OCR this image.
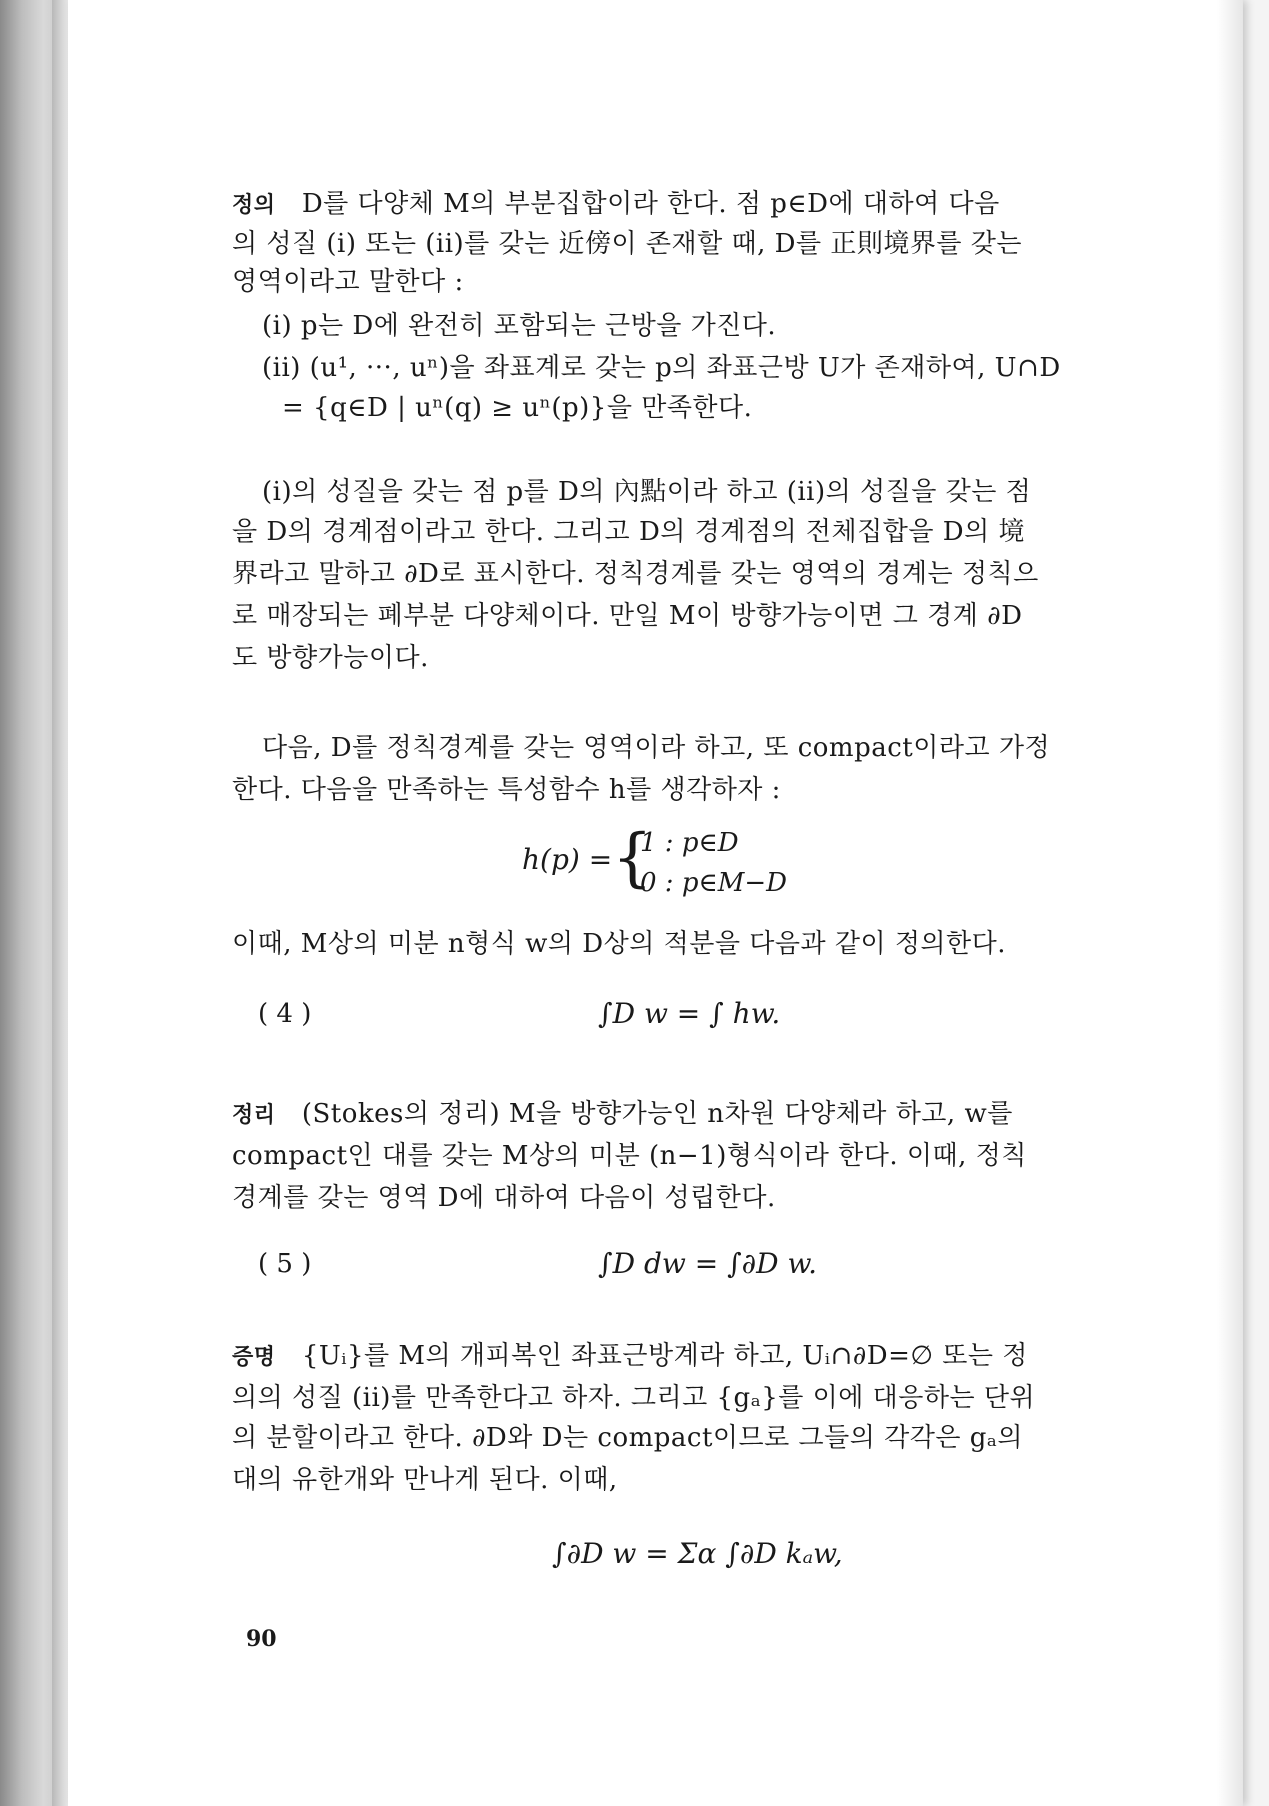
정의 D를 다양체 M의 부분집합이라 한다. 점 p∈D에 대하여 다음
의 성질 (i) 또는 (ii)를 갖는 近傍이 존재할 때, D를 正則境界를 갖는
영역이라고 말한다 :
(i) p는 D에 완전히 포함되는 근방을 가진다.
(ii) (u¹, ···, uⁿ)을 좌표계로 갖는 p의 좌표근방 U가 존재하여, U∩D
= {q∈D | uⁿ(q) ≥ uⁿ(p)}을 만족한다.
(i)의 성질을 갖는 점 p를 D의 內點이라 하고 (ii)의 성질을 갖는 점
을 D의 경계점이라고 한다. 그리고 D의 경계점의 전체집합을 D의 境
界라고 말하고 ∂D로 표시한다. 정칙경계를 갖는 영역의 경계는 정칙으
로 매장되는 폐부분 다양체이다. 만일 M이 방향가능이면 그 경계 ∂D
도 방향가능이다.
다음, D를 정칙경계를 갖는 영역이라 하고, 또 compact이라고 가정
한다. 다음을 만족하는 특성함수 h를 생각하자 :
h(p) = {
1 : p∈D
0 : p∈M−D
이때, M상의 미분 n형식 w의 D상의 적분을 다음과 같이 정의한다.
( 4 )	∫D w = ∫ hw.
정리 (Stokes의 정리) M을 방향가능인 n차원 다양체라 하고, w를
compact인 대를 갖는 M상의 미분 (n−1)형식이라 한다. 이때, 정칙
경계를 갖는 영역 D에 대하여 다음이 성립한다.
( 5 )	∫D dw = ∫∂D w.
증명 {Uᵢ}를 M의 개피복인 좌표근방계라 하고, Uᵢ∩∂D=∅ 또는 정
의의 성질 (ii)를 만족한다고 하자. 그리고 {gₐ}를 이에 대응하는 단위
의 분할이라고 한다. ∂D와 D는 compact이므로 그들의 각각은 gₐ의
대의 유한개와 만나게 된다. 이때,
∫∂D w = Σα ∫∂D kₐw,
90
